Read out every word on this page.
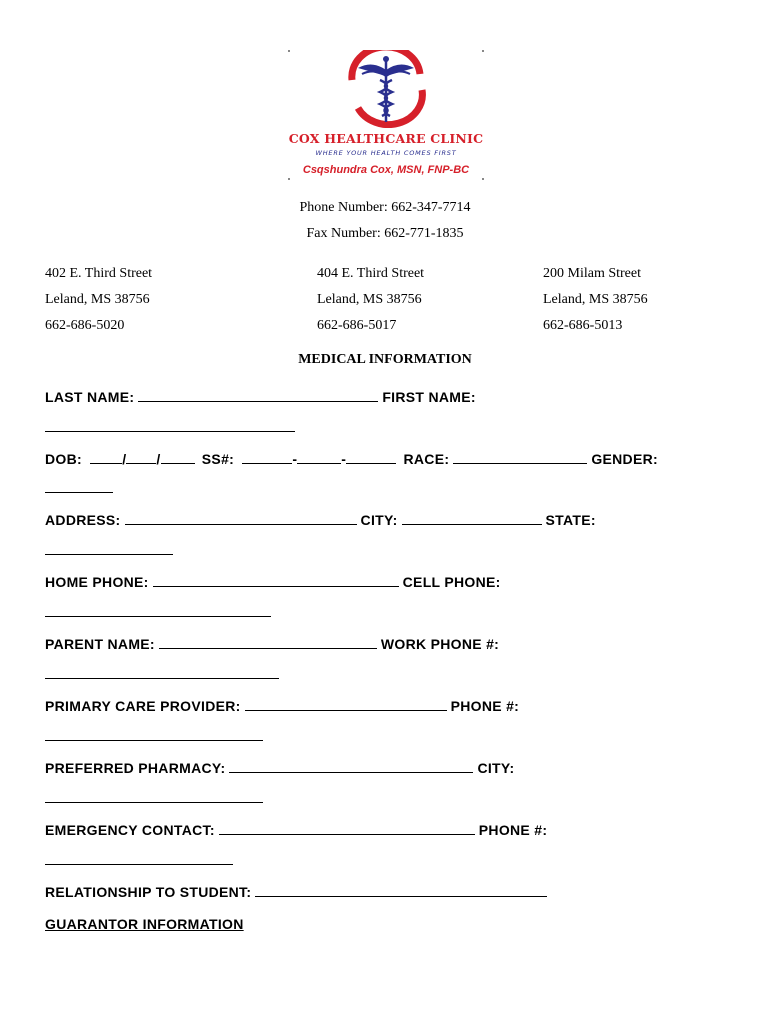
COX HEALTHCARE CLINIC
WHERE YOUR HEALTH COMES FIRST
Csqshundra Cox, MSN, FNP-BC
Phone Number: 662-347-7714
Fax Number: 662-771-1835
402 E. Third Street
Leland, MS 38756
662-686-5020
404 E. Third Street
Leland, MS 38756
662-686-5017
200 Milam Street
Leland, MS 38756
662-686-5013
MEDICAL INFORMATION
LAST NAME:	FIRST NAME:
DOB:	/ /	SS#:	-	-	RACE:	GENDER:
ADDRESS:	CITY:	STATE:
HOME PHONE:	CELL PHONE:
PARENT NAME:	WORK PHONE #:
PRIMARY CARE PROVIDER:	PHONE #:
PREFERRED PHARMACY:	CITY:
EMERGENCY CONTACT:	PHONE #:
RELATIONSHIP TO STUDENT:
GUARANTOR INFORMATION
